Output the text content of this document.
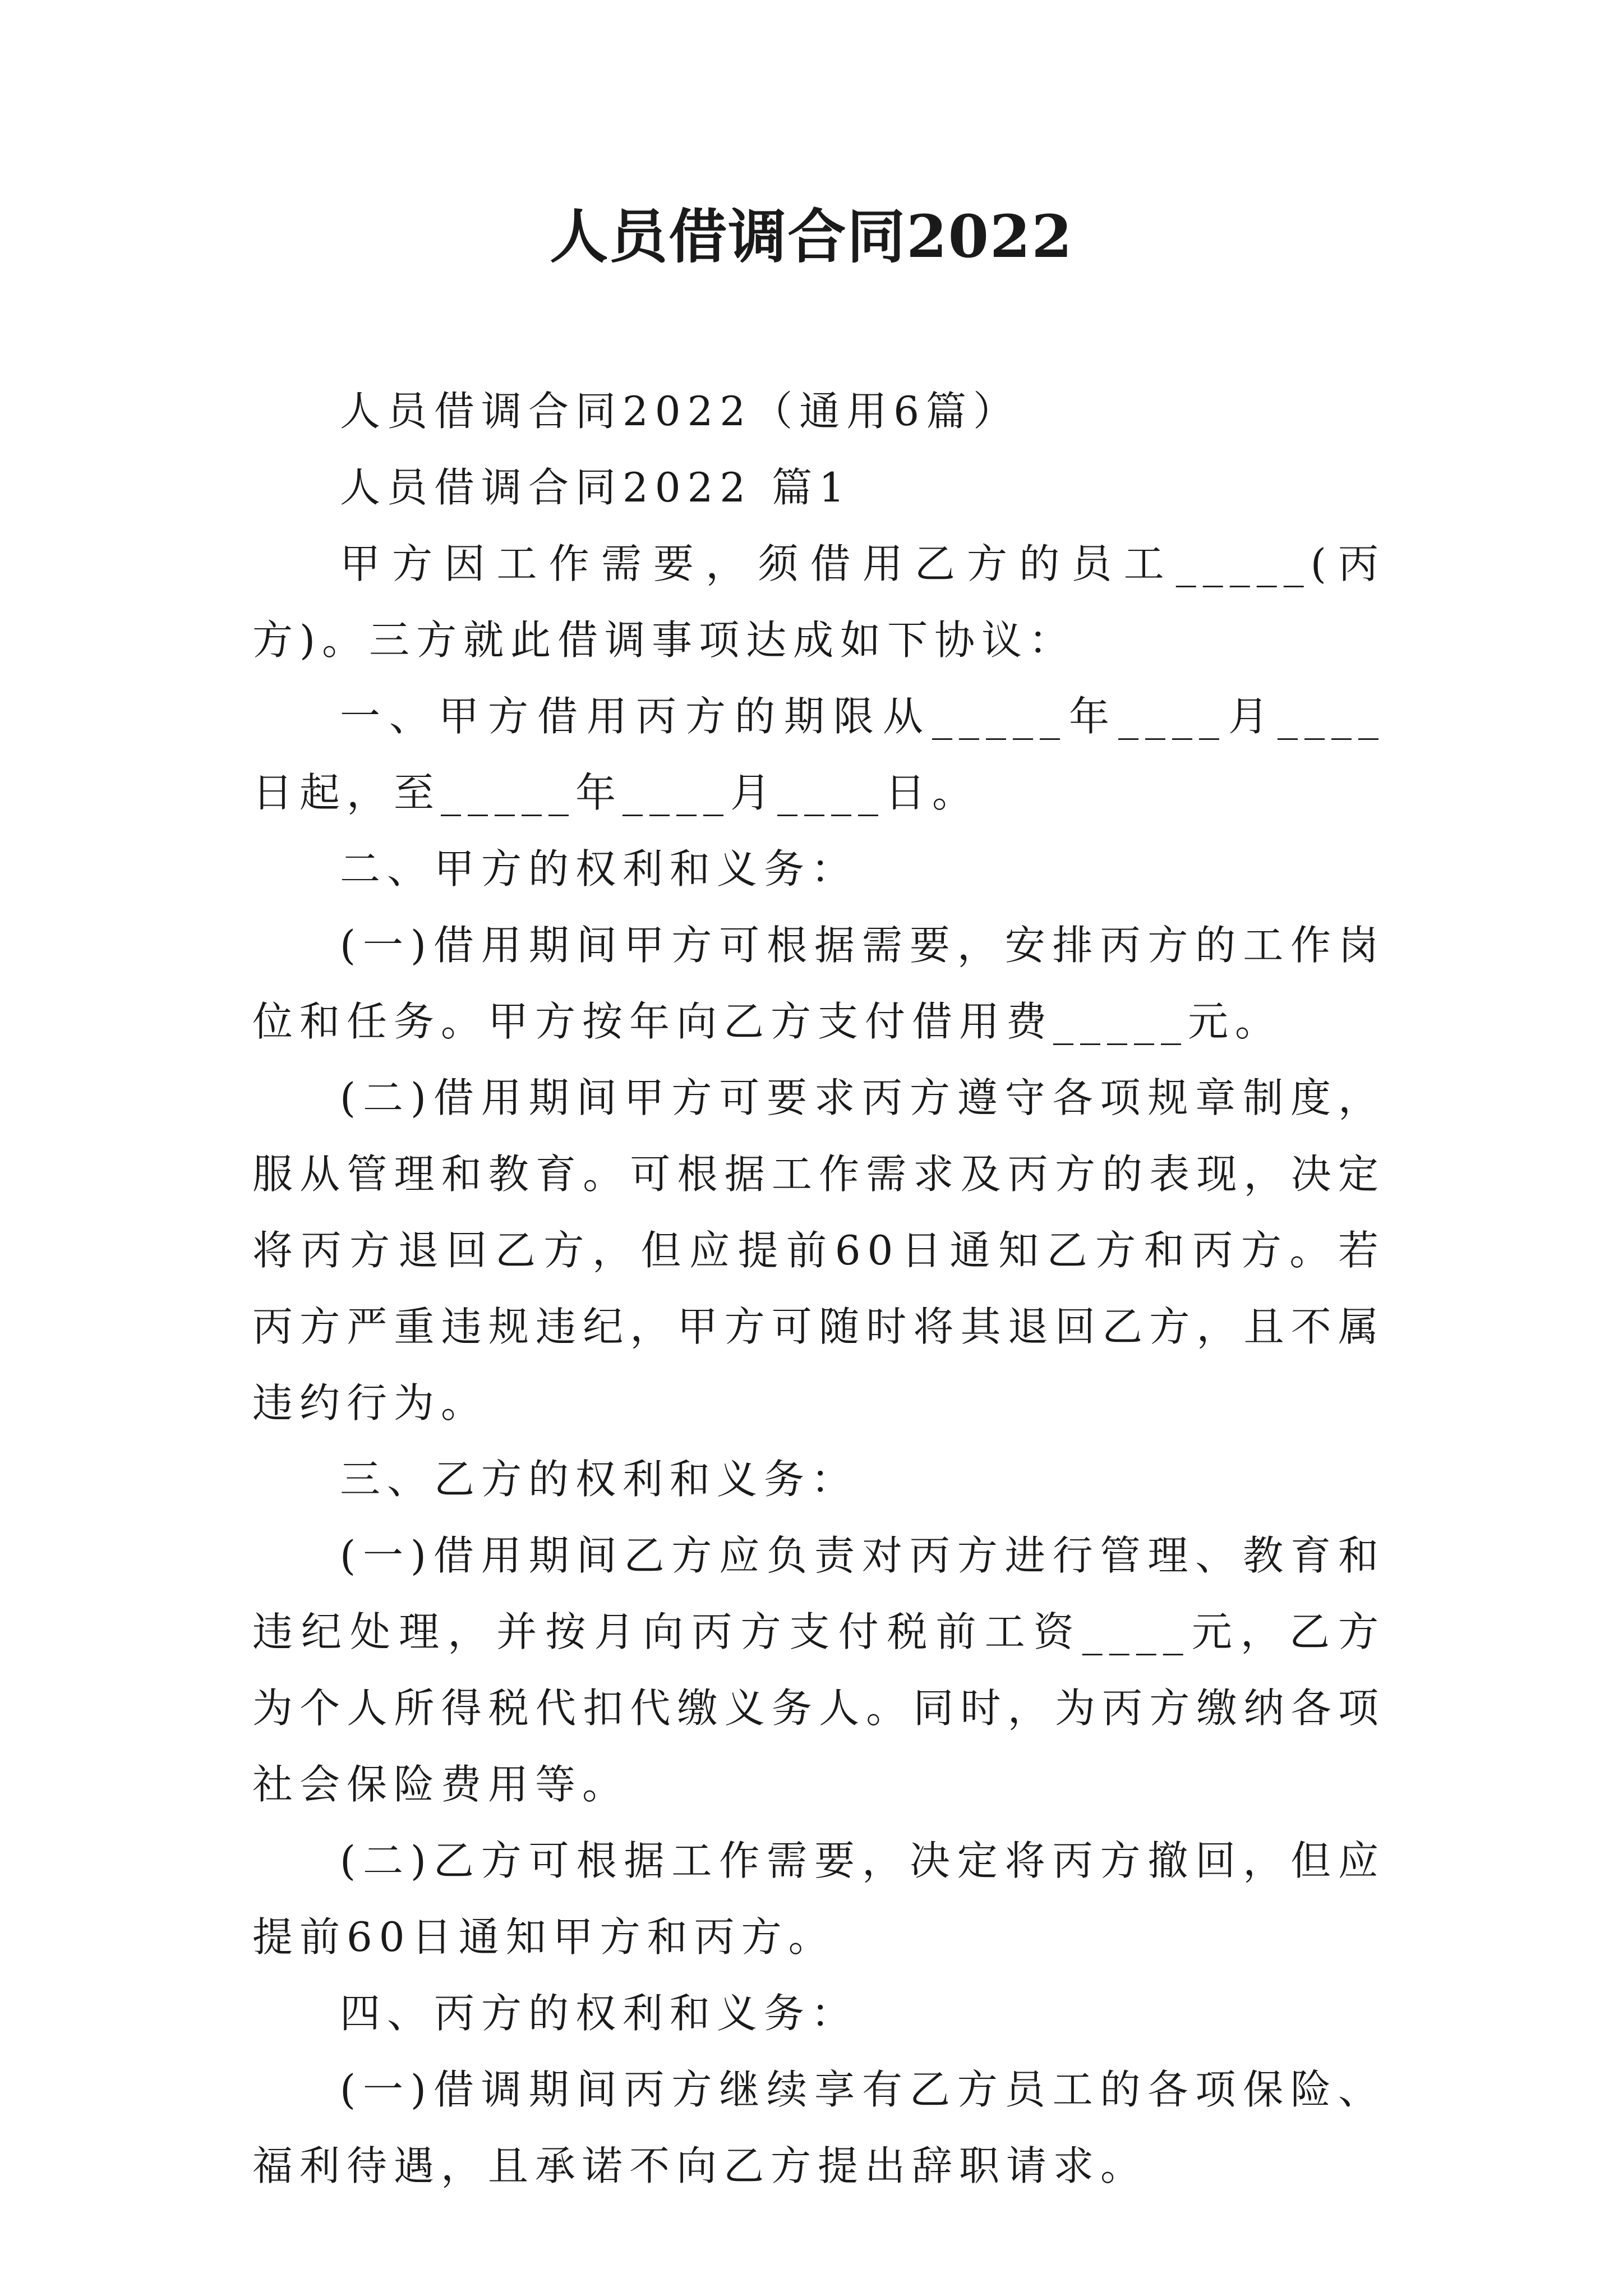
人员借调合同2022

人员借调合同2022（通用6篇）

人员借调合同2022 篇1

甲方因工作需要，须借用乙方的员工_____(丙方)。三方就此借调事项达成如下协议：

一、甲方借用丙方的期限从_____年____月____日起，至_____年____月____日。

二、甲方的权利和义务：

(一)借用期间甲方可根据需要，安排丙方的工作岗位和任务。甲方按年向乙方支付借用费_____元。

(二)借用期间甲方可要求丙方遵守各项规章制度，服从管理和教育。可根据工作需求及丙方的表现，决定将丙方退回乙方，但应提前60日通知乙方和丙方。若丙方严重违规违纪，甲方可随时将其退回乙方，且不属违约行为。

三、乙方的权利和义务：

(一)借用期间乙方应负责对丙方进行管理、教育和违纪处理，并按月向丙方支付税前工资____元，乙方为个人所得税代扣代缴义务人。同时，为丙方缴纳各项社会保险费用等。

(二)乙方可根据工作需要，决定将丙方撤回，但应提前60日通知甲方和丙方。

四、丙方的权利和义务：

(一)借调期间丙方继续享有乙方员工的各项保险、福利待遇，且承诺不向乙方提出辞职请求。
